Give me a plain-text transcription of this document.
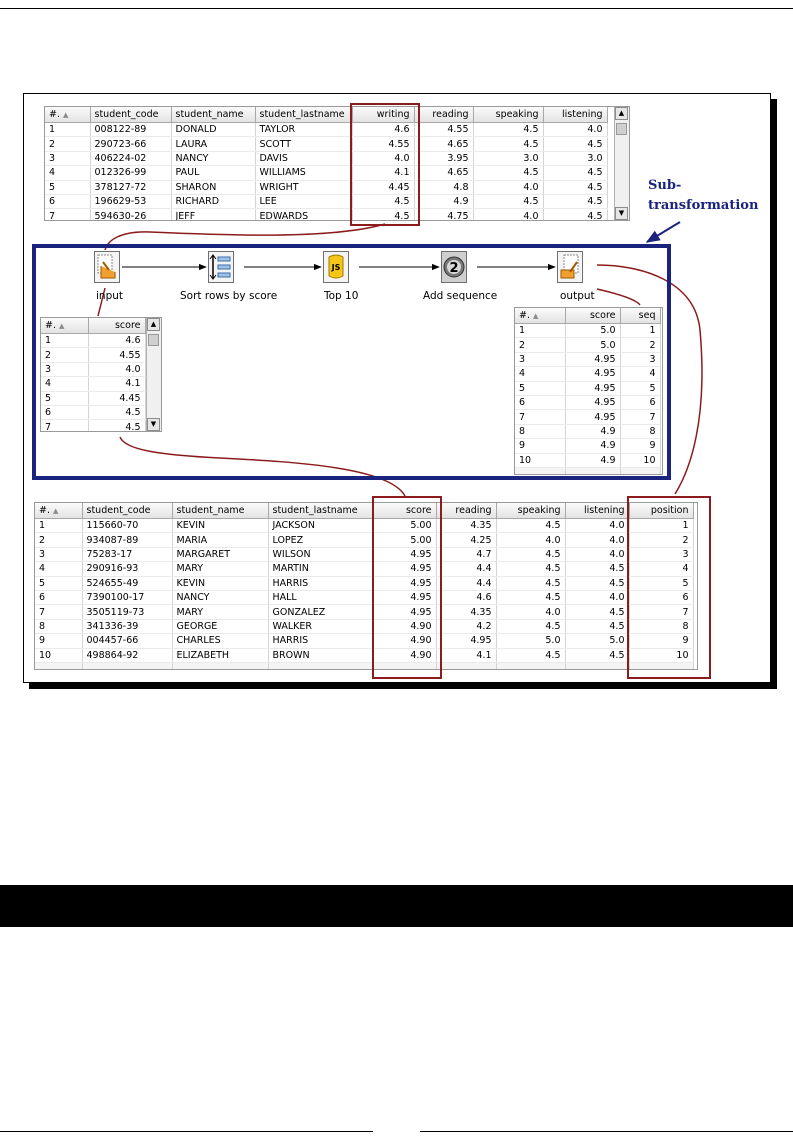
#. ▲	student_code	student_name	student_lastname	writing	reading	speaking	listening
1	008122-89	DONALD	TAYLOR	4.6	4.55	4.5	4.0
2	290723-66	LAURA	SCOTT	4.55	4.65	4.5	4.5
3	406224-02	NANCY	DAVIS	4.0	3.95	3.0	3.0
4	012326-99	PAUL	WILLIAMS	4.1	4.65	4.5	4.5
5	378127-72	SHARON	WRIGHT	4.45	4.8	4.0	4.5
6	196629-53	RICHARD	LEE	4.5	4.9	4.5	4.5
7	594630-26	JEFF	EDWARDS	4.5	4.75	4.0	4.5
▲
▼
Sub-
transformation
input	Sort rows by score
JS
Top 10
2
Add sequence	output
#. ▲	score
1	4.6
2	4.55
3	4.0
4	4.1
5	4.45
6	4.5
7	4.5
▲
▼
#. ▲	score	seq
1	5.0	1
2	5.0	2
3	4.95	3
4	4.95	4
5	4.95	5
6	4.95	6
7	4.95	7
8	4.9	8
9	4.9	9
10	4.9	10

#. ▲	student_code	student_name	student_lastname	score	reading	speaking	listening	position
1	115660-70	KEVIN	JACKSON	5.00	4.35	4.5	4.0	1
2	934087-89	MARIA	LOPEZ	5.00	4.25	4.0	4.0	2
3	75283-17	MARGARET	WILSON	4.95	4.7	4.5	4.0	3
4	290916-93	MARY	MARTIN	4.95	4.4	4.5	4.5	4
5	524655-49	KEVIN	HARRIS	4.95	4.4	4.5	4.5	5
6	7390100-17	NANCY	HALL	4.95	4.6	4.5	4.0	6
7	3505119-73	MARY	GONZALEZ	4.95	4.35	4.0	4.5	7
8	341336-39	GEORGE	WALKER	4.90	4.2	4.5	4.5	8
9	004457-66	CHARLES	HARRIS	4.90	4.95	5.0	5.0	9
10	498864-92	ELIZABETH	BROWN	4.90	4.1	4.5	4.5	10
